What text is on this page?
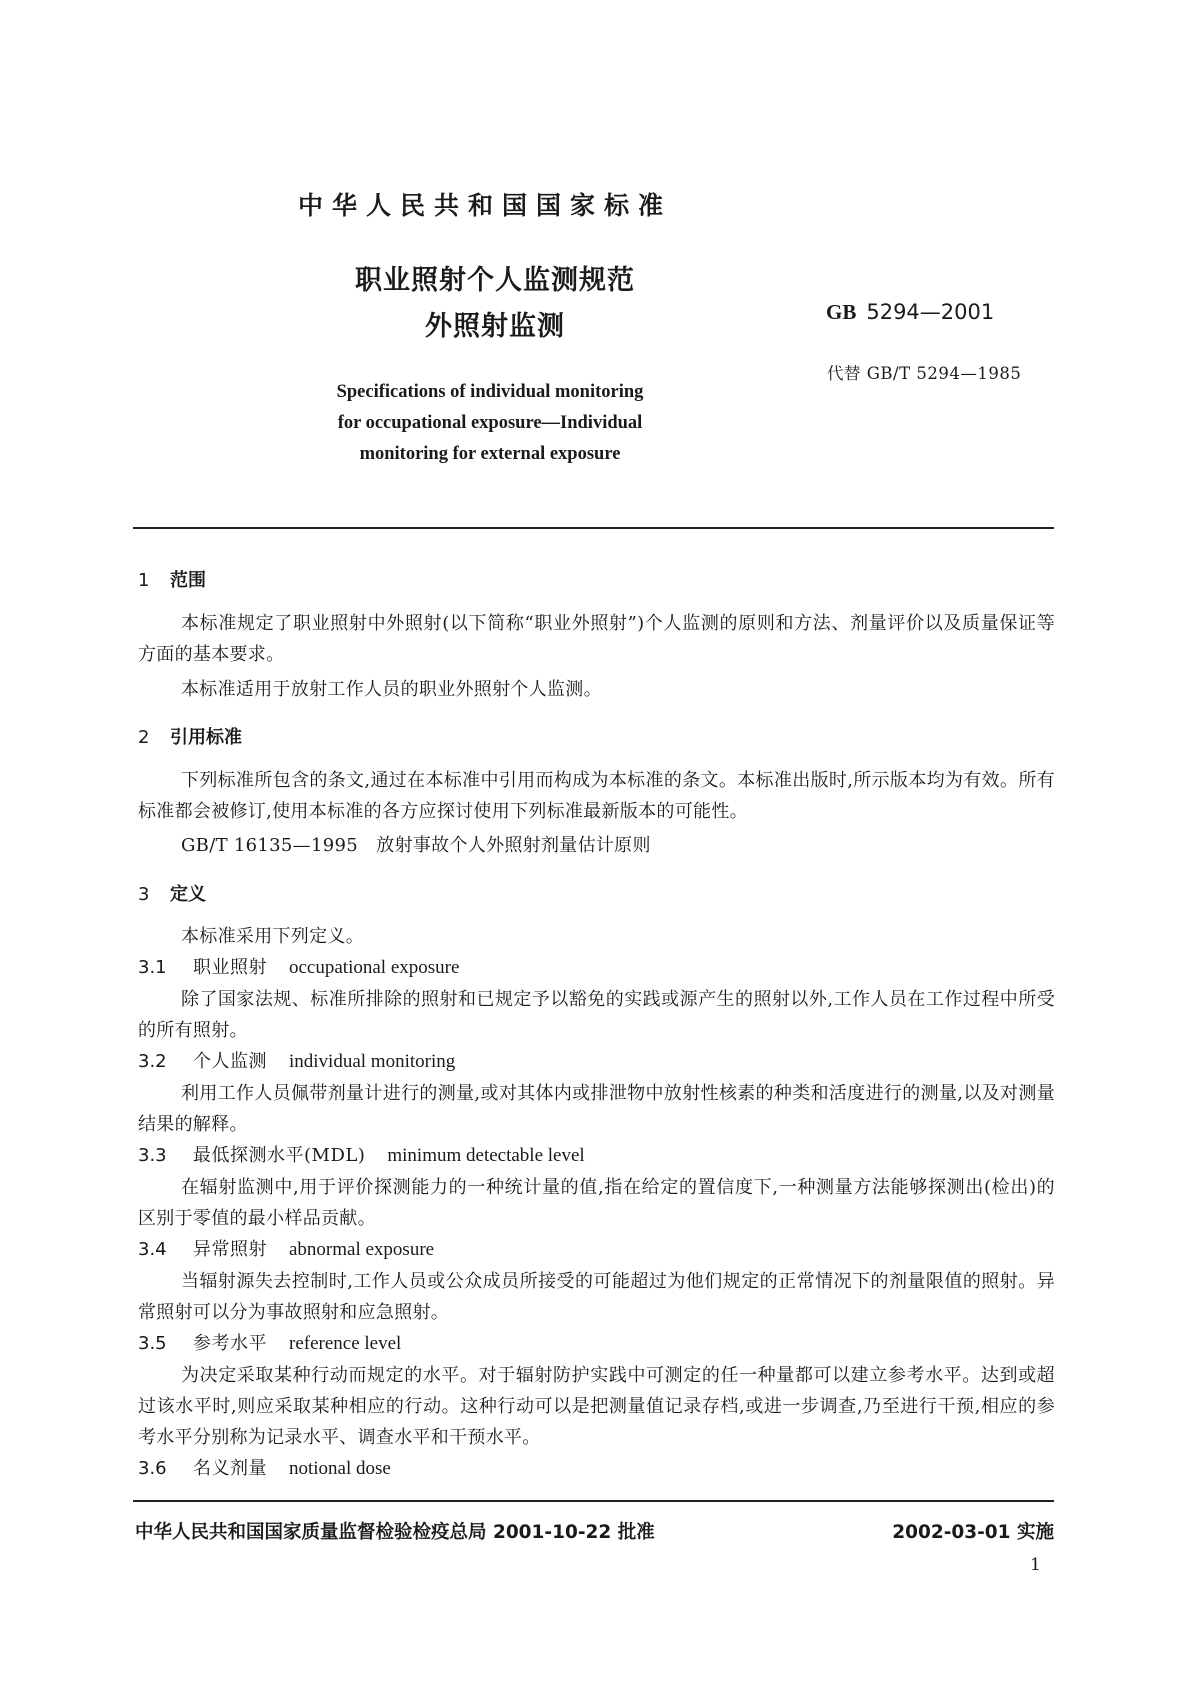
中华人民共和国国家标准
职业照射个人监测规范
外照射监测
Specifications of individual monitoring
for occupational exposure—Individual
monitoring for external exposure
GB 5294—2001
代替 GB/T 5294—1985
1 范围

本标准规定了职业照射中外照射(以下简称“职业外照射”)个人监测的原则和方法、剂量评价以及质量保证等方面的基本要求。

本标准适用于放射工作人员的职业外照射个人监测。
2 引用标准

下列标准所包含的条文,通过在本标准中引用而构成为本标准的条文。本标准出版时,所示版本均为有效。所有标准都会被修订,使用本标准的各方应探讨使用下列标准最新版本的可能性。

GB/T 16135—1995　放射事故个人外照射剂量估计原则
3 定义
本标准采用下列定义。
3.1 职业照射 occupational exposure

除了国家法规、标准所排除的照射和已规定予以豁免的实践或源产生的照射以外,工作人员在工作过程中所受的所有照射。

3.2 个人监测 individual monitoring

利用工作人员佩带剂量计进行的测量,或对其体内或排泄物中放射性核素的种类和活度进行的测量,以及对测量结果的解释。

3.3 最低探测水平(MDL) minimum detectable level

在辐射监测中,用于评价探测能力的一种统计量的值,指在给定的置信度下,一种测量方法能够探测出(检出)的区别于零值的最小样品贡献。

3.4 异常照射 abnormal exposure

当辐射源失去控制时,工作人员或公众成员所接受的可能超过为他们规定的正常情况下的剂量限值的照射。异常照射可以分为事故照射和应急照射。

3.5 参考水平 reference level

为决定采取某种行动而规定的水平。对于辐射防护实践中可测定的任一种量都可以建立参考水平。达到或超过该水平时,则应采取某种相应的行动。这种行动可以是把测量值记录存档,或进一步调查,乃至进行干预,相应的参考水平分别称为记录水平、调查水平和干预水平。

3.6 名义剂量 notional dose
中华人民共和国国家质量监督检验检疫总局 2001-10-22 批准	2002-03-01 实施
1
